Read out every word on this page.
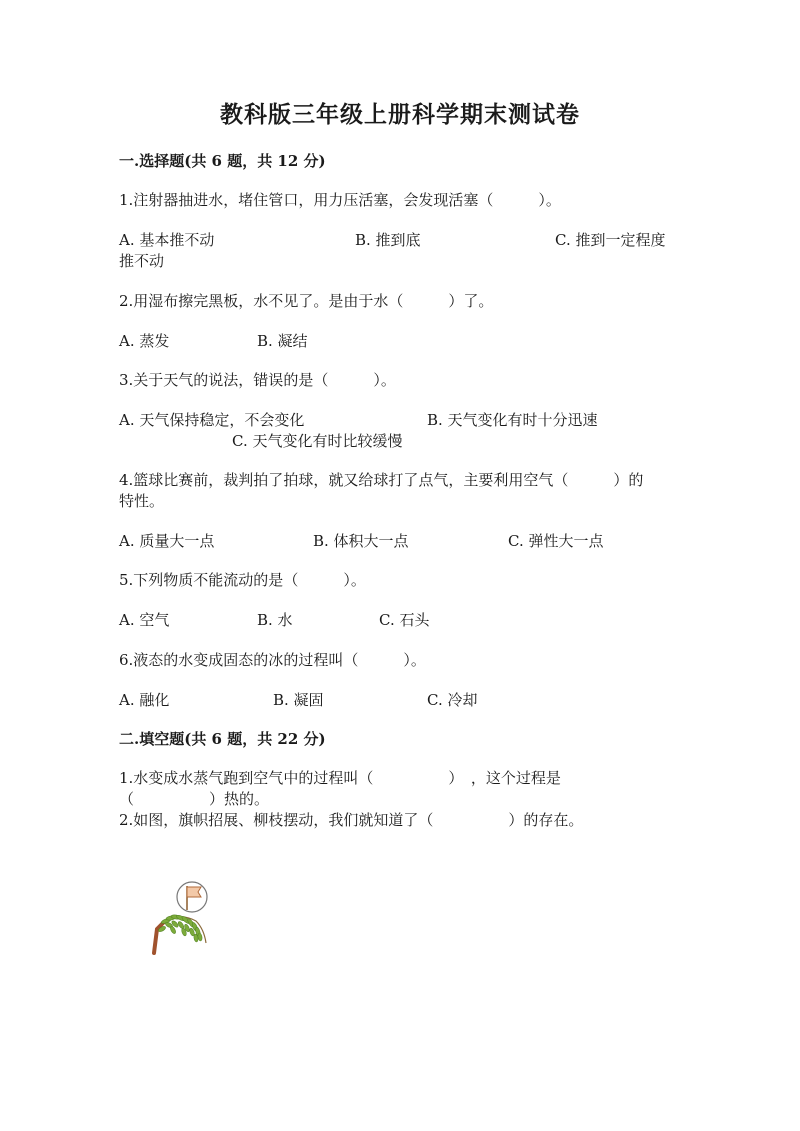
教科版三年级上册科学期末测试卷
一.选择题(共 6 题，共 12 分)
1.注射器抽进水，堵住管口，用力压活塞，会发现活塞（　　　）。
A. 基本推不动	B. 推到底	C. 推到一定程度
推不动
2.用湿布擦完黑板，水不见了。是由于水（　　　）了。
A. 蒸发	B. 凝结
3.关于天气的说法，错误的是（　　　）。
A. 天气保持稳定，不会变化	B. 天气变化有时十分迅速
C. 天气变化有时比较缓慢
4.篮球比赛前，裁判拍了拍球，就又给球打了点气，主要利用空气（　　　）的
特性。
A. 质量大一点	B. 体积大一点	C. 弹性大一点
5.下列物质不能流动的是（　　　）。
A. 空气	B. 水	C. 石头
6.液态的水变成固态的冰的过程叫（　　　）。
A. 融化	B. 凝固	C. 冷却
二.填空题(共 6 题，共 22 分)
1.水变成水蒸气跑到空气中的过程叫（　　　　　）　，这个过程是
（　　　　　）热的。
2.如图，旗帜招展、柳枝摆动，我们就知道了（　　　　　）的存在。
